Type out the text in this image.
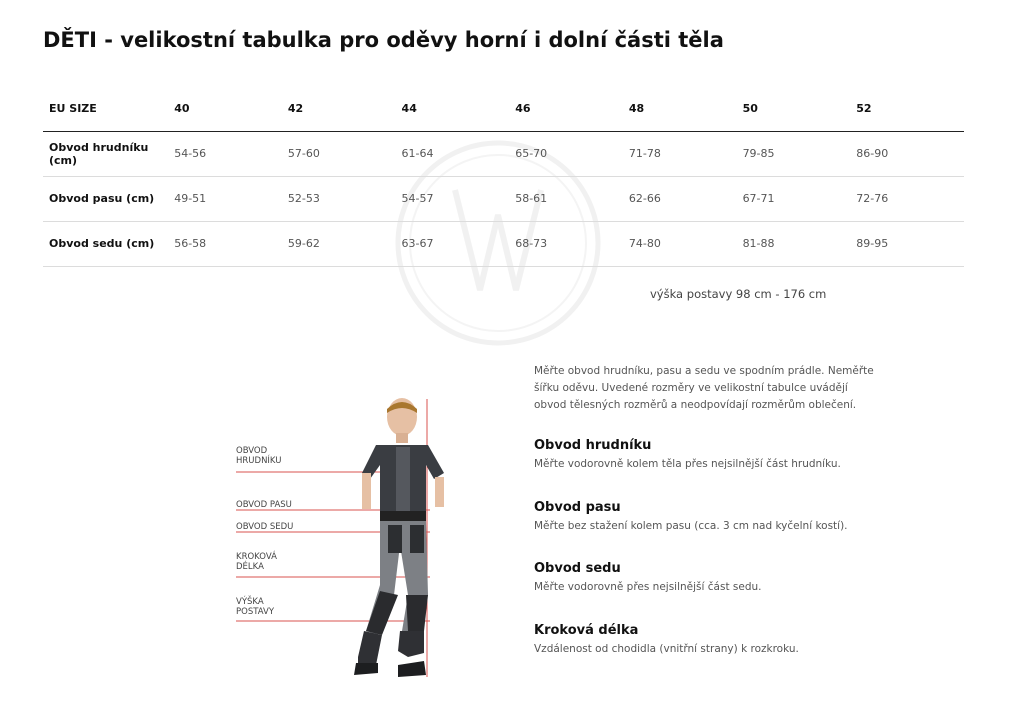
DĚTI - velikostní tabulka pro oděvy horní i dolní části těla
EU SIZE	40	42	44	46	48	50	52
Obvod hrudníku (cm)	54-56	57-60	61-64	65-70	71-78	79-85	86-90
Obvod pasu (cm)	49-51	52-53	54-57	58-61	62-66	67-71	72-76
Obvod sedu (cm)	56-58	59-62	63-67	68-73	74-80	81-88	89-95
výška postavy 98 cm - 176 cm
OBVOD
HRUDNÍKU
OBVOD PASU
OBVOD SEDU
KROKOVÁ
DÉLKA
VÝŠKA
POSTAVY

Měřte obvod hrudníku, pasu a sedu ve spodním prádle. Neměřte šířku oděvu. Uvedené rozměry ve velikostní tabulce uvádějí obvod tělesných rozměrů a neodpovídají rozměrům oblečení.

Obvod hrudníku

Měřte vodorovně kolem těla přes nejsilnější část hrudníku.

Obvod pasu

Měřte bez stažení kolem pasu (cca. 3 cm nad kyčelní kostí).

Obvod sedu

Měřte vodorovně přes nejsilnější část sedu.

Kroková délka

Vzdálenost od chodidla (vnitřní strany) k rozkroku.
